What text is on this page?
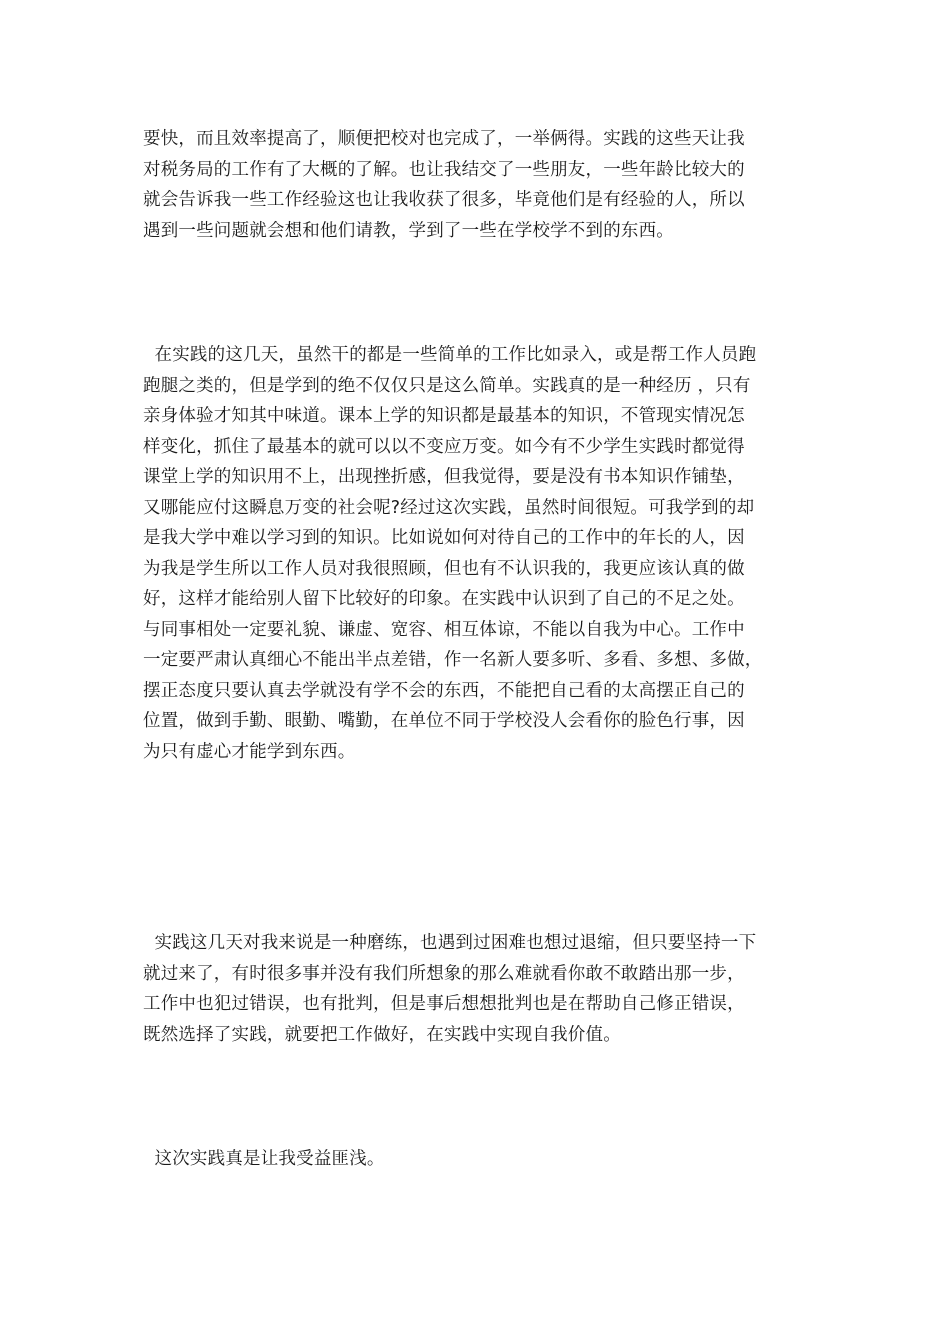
要快，而且效率提高了，顺便把校对也完成了，一举俩得。实践的这些天让我
对税务局的工作有了大概的了解。也让我结交了一些朋友，一些年龄比较大的
就会告诉我一些工作经验这也让我收获了很多，毕竟他们是有经验的人，所以
遇到一些问题就会想和他们请教，学到了一些在学校学不到的东西。

在实践的这几天，虽然干的都是一些简单的工作比如录入，或是帮工作人员跑
跑腿之类的，但是学到的绝不仅仅只是这么简单。实践真的是一种经历 ，只有
亲身体验才知其中味道。课本上学的知识都是最基本的知识，不管现实情况怎
样变化，抓住了最基本的就可以以不变应万变。如今有不少学生实践时都觉得
课堂上学的知识用不上，出现挫折感，但我觉得，要是没有书本知识作铺垫，
又哪能应付这瞬息万变的社会呢?经过这次实践，虽然时间很短。可我学到的却
是我大学中难以学习到的知识。比如说如何对待自己的工作中的年长的人，因
为我是学生所以工作人员对我很照顾，但也有不认识我的，我更应该认真的做
好，这样才能给别人留下比较好的印象。在实践中认识到了自己的不足之处。
与同事相处一定要礼貌、谦虚、宽容、相互体谅，不能以自我为中心。工作中
一定要严肃认真细心不能出半点差错，作一名新人要多听、多看、多想、多做，
摆正态度只要认真去学就没有学不会的东西，不能把自己看的太高摆正自己的
位置，做到手勤、眼勤、嘴勤，在单位不同于学校没人会看你的脸色行事，因
为只有虚心才能学到东西。

实践这几天对我来说是一种磨练，也遇到过困难也想过退缩，但只要坚持一下
就过来了，有时很多事并没有我们所想象的那么难就看你敢不敢踏出那一步，
工作中也犯过错误，也有批判，但是事后想想批判也是在帮助自己修正错误，
既然选择了实践，就要把工作做好，在实践中实现自我价值。

这次实践真是让我受益匪浅。
